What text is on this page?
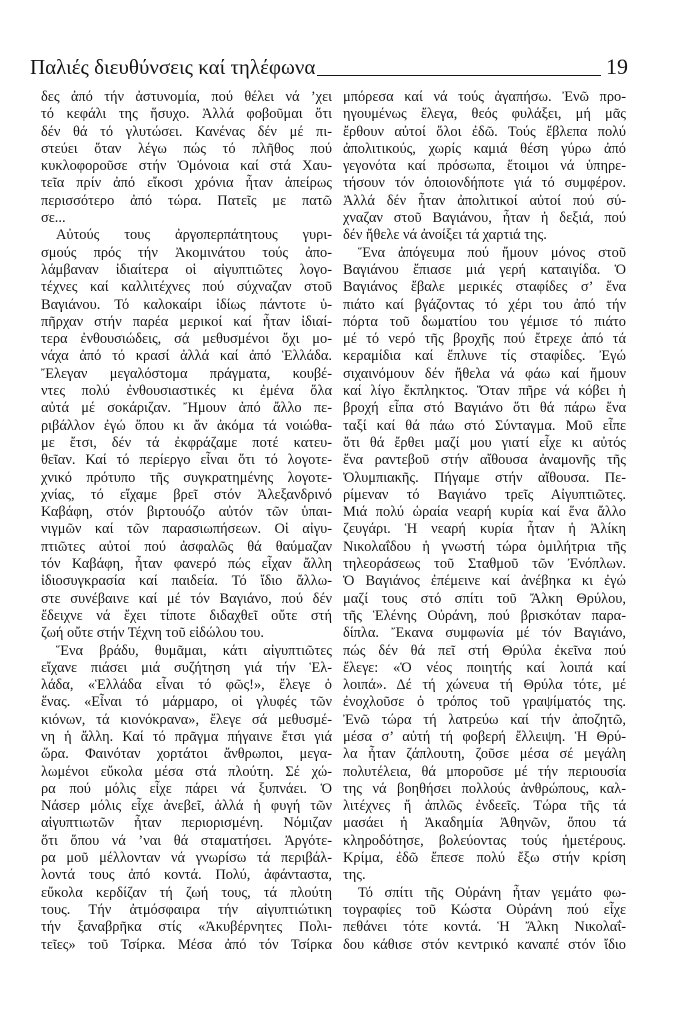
Παλιές διευθύνσεις καί τηλέφωνα	19
δες ἀπό τήν ἀστυνομία, πού θέλει νά ’χει
τό κεφάλι της ἥσυχο. Ἀλλά φοβοῦμαι ὅτι
δέν θά τό γλυτώσει. Κανένας δέν μέ πι-
στεύει ὅταν λέγω πώς τό πλῆθος πού
κυκλοφοροῦσε στήν Ὁμόνοια καί στά Χαυ-
τεῖα πρίν ἀπό εἴκοσι χρόνια ἦταν ἀπείρως
περισσότερο ἀπό τώρα. Πατεῖς με πατῶ
σε...
Αὐτούς τους ἀργοπερπάτητους γυρι-
σμούς πρός τήν Ἀκομινάτου τούς ἀπο-
λάμβαναν ἰδιαίτερα οἱ αἰγυπτιῶτες λογο-
τέχνες καί καλλιτέχνες πού σύχναζαν στοῦ
Βαγιάνου. Τό καλοκαίρι ἰδίως πάντοτε ὑ-
πῆρχαν στήν παρέα μερικοί καί ἦταν ἰδιαί-
τερα ἐνθουσιώδεις, σά μεθυσμένοι ὄχι μο-
νάχα ἀπό τό κρασί ἀλλά καί ἀπό Ἑλλάδα.
Ἔλεγαν μεγαλόστομα πράγματα, κουβέ-
ντες πολύ ἐνθουσιαστικές κι ἐμένα ὅλα
αὐτά μέ σοκάριζαν. Ἤμουν ἀπό ἄλλο πε-
ριβάλλον ἐγώ ὅπου κι ἄν ἀκόμα τά νοιώθα-
με ἔτσι, δέν τά ἐκφράζαμε ποτέ κατευ-
θεῖαν. Καί τό περίεργο εἶναι ὅτι τό λογοτε-
χνικό πρότυπο τῆς συγκρατημένης λογοτε-
χνίας, τό εἴχαμε βρεῖ στόν Ἀλεξανδρινό
Καβάφη, στόν βιρτουόζο αὐτόν τῶν ὑπαι-
νιγμῶν καί τῶν παρασιωπήσεων. Οἱ αἰγυ-
πτιῶτες αὐτοί πού ἀσφαλῶς θά θαύμαζαν
τόν Καβάφη, ἦταν φανερό πώς εἶχαν ἄλλη
ἰδιοσυγκρασία καί παιδεία. Τό ἴδιο ἄλλω-
στε συνέβαινε καί μέ τόν Βαγιάνο, πού δέν
ἔδειχνε νά ἔχει τίποτε διδαχθεῖ οὔτε στή
ζωή οὔτε στήν Τέχνη τοῦ εἰδώλου του.
Ἕνα βράδυ, θυμᾶμαι, κάτι αἰγυπτιῶτες
εἴχανε πιάσει μιά συζήτηση γιά τήν Ἑλ-
λάδα, «Ἑλλάδα εἶναι τό φῶς!», ἔλεγε ὁ
ἕνας. «Εἶναι τό μάρμαρο, οἱ γλυφές τῶν
κιόνων, τά κιονόκρανα», ἔλεγε σά μεθυσμέ-
νη ἡ ἄλλη. Καί τό πρᾶγμα πήγαινε ἔτσι γιά
ὥρα. Φαινόταν χορτάτοι ἄνθρωποι, μεγα-
λωμένοι εὔκολα μέσα στά πλούτη. Σέ χώ-
ρα πού μόλις εἶχε πάρει νά ξυπνάει. Ὁ
Νάσερ μόλις εἶχε ἀνεβεῖ, ἀλλά ἡ φυγή τῶν
αἰγυπτιωτῶν ἦταν περιορισμένη. Νόμιζαν
ὅτι ὅπου νά ’ναι θά σταματήσει. Ἀργότε-
ρα μοῦ μέλλονταν νά γνωρίσω τά περιβάλ-
λοντά τους ἀπό κοντά. Πολύ, ἀφάνταστα,
εὔκολα κερδίζαν τή ζωή τους, τά πλούτη
τους. Τήν ἀτμόσφαιρα τήν αἰγυπτιώτικη
τήν ξαναβρῆκα στίς «Ἀκυβέρνητες Πολι-
τεῖες» τοῦ Τσίρκα. Μέσα ἀπό τόν Τσίρκα
μπόρεσα καί νά τούς ἀγαπήσω. Ἐνῶ προ-
ηγουμένως ἔλεγα, θεός φυλάξει, μή μᾶς
ἔρθουν αὐτοί ὅλοι ἐδῶ. Τούς ἔβλεπα πολύ
ἀπολιτικούς, χωρίς καμιά θέση γύρω ἀπό
γεγονότα καί πρόσωπα, ἕτοιμοι νά ὑπηρε-
τήσουν τόν ὁποιονδήποτε γιά τό συμφέρον.
Ἀλλά δέν ἦταν ἀπολιτικοί αὐτοί πού σύ-
χναζαν στοῦ Βαγιάνου, ἦταν ἡ δεξιά, πού
δέν ἤθελε νά ἀνοίξει τά χαρτιά της.
Ἕνα ἀπόγευμα πού ἤμουν μόνος στοῦ
Βαγιάνου ἔπιασε μιά γερή καταιγίδα. Ὁ
Βαγιάνος ἔβαλε μερικές σταφίδες σ’ ἕνα
πιάτο καί βγάζοντας τό χέρι του ἀπό τήν
πόρτα τοῦ δωματίου του γέμισε τό πιάτο
μέ τό νερό τῆς βροχῆς πού ἔτρεχε ἀπό τά
κεραμίδια καί ἔπλυνε τίς σταφίδες. Ἐγώ
σιχαινόμουν δέν ἤθελα νά φάω καί ἤμουν
καί λίγο ἔκπληκτος. Ὅταν πῆρε νά κόβει ἡ
βροχή εἶπα στό Βαγιάνο ὅτι θά πάρω ἕνα
ταξί καί θά πάω στό Σύνταγμα. Μοῦ εἶπε
ὅτι θά ἔρθει μαζί μου γιατί εἶχε κι αὐτός
ἕνα ραντεβοῦ στήν αἴθουσα ἀναμονῆς τῆς
Ὀλυμπιακῆς. Πήγαμε στήν αἴθουσα. Πε-
ρίμεναν τό Βαγιάνο τρεῖς Αἰγυπτιῶτες.
Μιά πολύ ὡραία νεαρή κυρία καί ἕνα ἄλλο
ζευγάρι. Ἡ νεαρή κυρία ἦταν ἡ Ἀλίκη
Νικολαΐδου ἡ γνωστή τώρα ὁμιλήτρια τῆς
τηλεοράσεως τοῦ Σταθμοῦ τῶν Ἐνόπλων.
Ὁ Βαγιάνος ἐπέμεινε καί ἀνέβηκα κι ἐγώ
μαζί τους στό σπίτι τοῦ Ἄλκη Θρύλου,
τῆς Ἑλένης Οὐράνη, πού βρισκόταν παρα-
δίπλα. Ἔκανα συμφωνία μέ τόν Βαγιάνο,
πώς δέν θά πεῖ στή Θρύλα ἐκεῖνα πού
ἔλεγε: «Ὁ νέος ποιητής καί λοιπά καί
λοιπά». Δέ τή χώνευα τή Θρύλα τότε, μέ
ἐνοχλοῦσε ὁ τρόπος τοῦ γραψίματός της.
Ἐνῶ τώρα τή λατρεύω καί τήν ἀποζητῶ,
μέσα σ’ αὐτή τή φοβερή ἔλλειψη. Ἡ Θρύ-
λα ἦταν ζάπλουτη, ζοῦσε μέσα σέ μεγάλη
πολυτέλεια, θά μποροῦσε μέ τήν περιουσία
της νά βοηθήσει πολλούς ἀνθρώπους, καλ-
λιτέχνες ἤ ἁπλῶς ἐνδεεῖς. Τώρα τῆς τά
μασάει ἡ Ἀκαδημία Ἀθηνῶν, ὅπου τά
κληροδότησε, βολεύοντας τούς ἡμετέρους.
Κρίμα, ἐδῶ ἔπεσε πολύ ἔξω στήν κρίση
της.
Τό σπίτι τῆς Οὐράνη ἦταν γεμάτο φω-
τογραφίες τοῦ Κώστα Οὐράνη πού εἶχε
πεθάνει τότε κοντά. Ἡ Ἄλκη Νικολαΐ-
δου κάθισε στόν κεντρικό καναπέ στόν ἴδιο
